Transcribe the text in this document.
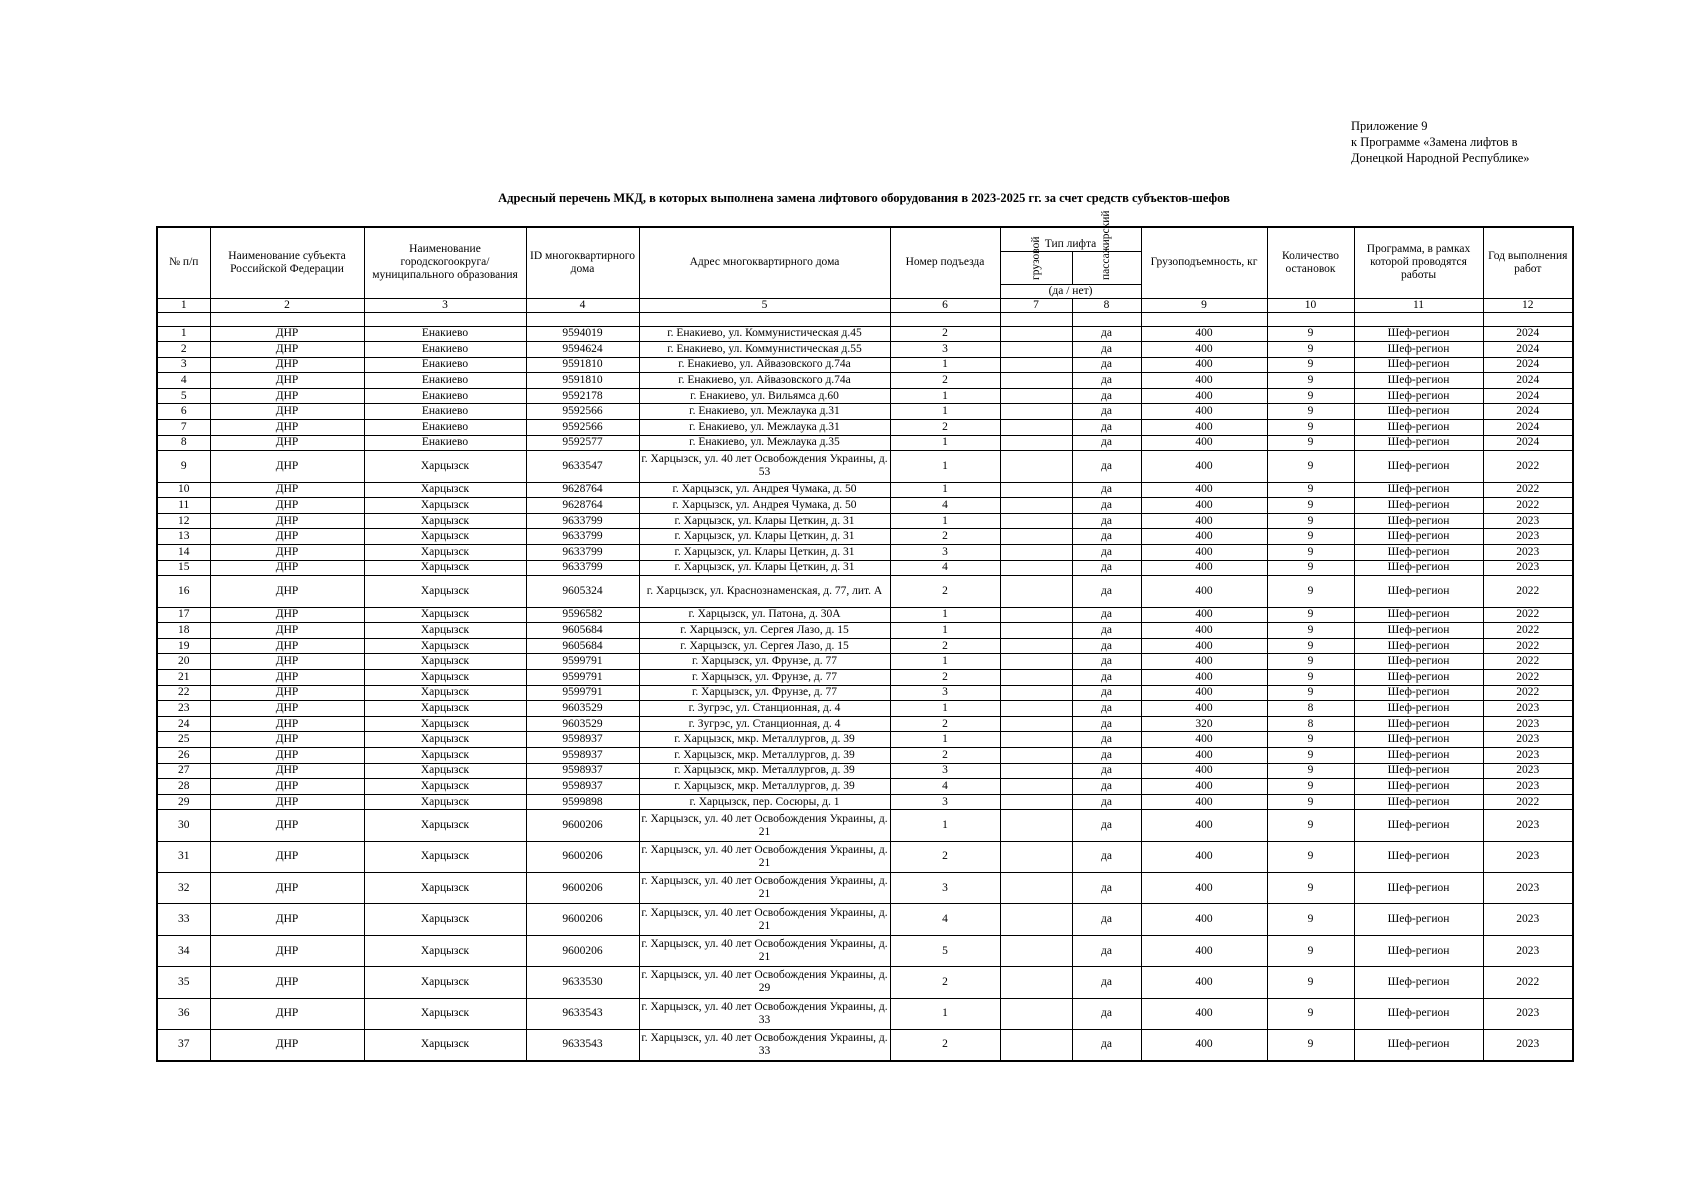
Приложение 9
к Программе «Замена лифтов в
Донецкой Народной Республике»
Адресный перечень МКД, в которых выполнена замена лифтового оборудования в 2023-2025 гг. за счет средств субъектов-шефов
№ п/п	Наименование субъекта Российской Федерации	Наименование городскогоокруга/муниципального образования	ID многоквартирного дома	Адрес многоквартирного дома	Номер подъезда	Тип лифта		Грузоподъемность, кг	Количество остановок	Программа, в рамках которой проводятся работы	Год выполнения работ
						грузовой	пассажирский				
						(да / нет)					
1	2	3	4	5	6	7	8	9	10	11	12

1	ДНР	Енакиево	9594019	г. Енакиево, ул. Коммунистическая д.45	2		да	400	9	Шеф-регион	2024
2	ДНР	Енакиево	9594624	г. Енакиево, ул. Коммунистическая д.55	3		да	400	9	Шеф-регион	2024
3	ДНР	Енакиево	9591810	г. Енакиево, ул. Айвазовского д.74а	1		да	400	9	Шеф-регион	2024
4	ДНР	Енакиево	9591810	г. Енакиево, ул. Айвазовского д.74а	2		да	400	9	Шеф-регион	2024
5	ДНР	Енакиево	9592178	г. Енакиево, ул. Вильямса д.60	1		да	400	9	Шеф-регион	2024
6	ДНР	Енакиево	9592566	г. Енакиево, ул. Межлаука д.31	1		да	400	9	Шеф-регион	2024
7	ДНР	Енакиево	9592566	г. Енакиево, ул. Межлаука д.31	2		да	400	9	Шеф-регион	2024
8	ДНР	Енакиево	9592577	г. Енакиево, ул. Межлаука д.35	1		да	400	9	Шеф-регион	2024
9	ДНР	Харцызск	9633547	г. Харцызск, ул. 40 лет Освобождения Украины, д. 53	1		да	400	9	Шеф-регион	2022
10	ДНР	Харцызск	9628764	г. Харцызск, ул. Андрея Чумака, д. 50	1		да	400	9	Шеф-регион	2022
11	ДНР	Харцызск	9628764	г. Харцызск, ул. Андрея Чумака, д. 50	4		да	400	9	Шеф-регион	2022
12	ДНР	Харцызск	9633799	г. Харцызск, ул. Клары Цеткин, д. 31	1		да	400	9	Шеф-регион	2023
13	ДНР	Харцызск	9633799	г. Харцызск, ул. Клары Цеткин, д. 31	2		да	400	9	Шеф-регион	2023
14	ДНР	Харцызск	9633799	г. Харцызск, ул. Клары Цеткин, д. 31	3		да	400	9	Шеф-регион	2023
15	ДНР	Харцызск	9633799	г. Харцызск, ул. Клары Цеткин, д. 31	4		да	400	9	Шеф-регион	2023
16	ДНР	Харцызск	9605324	г. Харцызск, ул. Краснознаменская, д. 77, лит. А	2		да	400	9	Шеф-регион	2022
17	ДНР	Харцызск	9596582	г. Харцызск, ул. Патона, д. 30А	1		да	400	9	Шеф-регион	2022
18	ДНР	Харцызск	9605684	г. Харцызск, ул. Сергея Лазо, д. 15	1		да	400	9	Шеф-регион	2022
19	ДНР	Харцызск	9605684	г. Харцызск, ул. Сергея Лазо, д. 15	2		да	400	9	Шеф-регион	2022
20	ДНР	Харцызск	9599791	г. Харцызск, ул. Фрунзе, д. 77	1		да	400	9	Шеф-регион	2022
21	ДНР	Харцызск	9599791	г. Харцызск, ул. Фрунзе, д. 77	2		да	400	9	Шеф-регион	2022
22	ДНР	Харцызск	9599791	г. Харцызск, ул. Фрунзе, д. 77	3		да	400	9	Шеф-регион	2022
23	ДНР	Харцызск	9603529	г. Зугрэс, ул. Станционная, д. 4	1		да	400	8	Шеф-регион	2023
24	ДНР	Харцызск	9603529	г. Зугрэс, ул. Станционная, д. 4	2		да	320	8	Шеф-регион	2023
25	ДНР	Харцызск	9598937	г. Харцызск, мкр. Металлургов, д. 39	1		да	400	9	Шеф-регион	2023
26	ДНР	Харцызск	9598937	г. Харцызск, мкр. Металлургов, д. 39	2		да	400	9	Шеф-регион	2023
27	ДНР	Харцызск	9598937	г. Харцызск, мкр. Металлургов, д. 39	3		да	400	9	Шеф-регион	2023
28	ДНР	Харцызск	9598937	г. Харцызск, мкр. Металлургов, д. 39	4		да	400	9	Шеф-регион	2023
29	ДНР	Харцызск	9599898	г. Харцызск, пер. Сосюры, д. 1	3		да	400	9	Шеф-регион	2022
30	ДНР	Харцызск	9600206	г. Харцызск, ул. 40 лет Освобождения Украины, д. 21	1		да	400	9	Шеф-регион	2023
31	ДНР	Харцызск	9600206	г. Харцызск, ул. 40 лет Освобождения Украины, д. 21	2		да	400	9	Шеф-регион	2023
32	ДНР	Харцызск	9600206	г. Харцызск, ул. 40 лет Освобождения Украины, д. 21	3		да	400	9	Шеф-регион	2023
33	ДНР	Харцызск	9600206	г. Харцызск, ул. 40 лет Освобождения Украины, д. 21	4		да	400	9	Шеф-регион	2023
34	ДНР	Харцызск	9600206	г. Харцызск, ул. 40 лет Освобождения Украины, д. 21	5		да	400	9	Шеф-регион	2023
35	ДНР	Харцызск	9633530	г. Харцызск, ул. 40 лет Освобождения Украины, д. 29	2		да	400	9	Шеф-регион	2022
36	ДНР	Харцызск	9633543	г. Харцызск, ул. 40 лет Освобождения Украины, д. 33	1		да	400	9	Шеф-регион	2023
37	ДНР	Харцызск	9633543	г. Харцызск, ул. 40 лет Освобождения Украины, д. 33	2		да	400	9	Шеф-регион	2023
